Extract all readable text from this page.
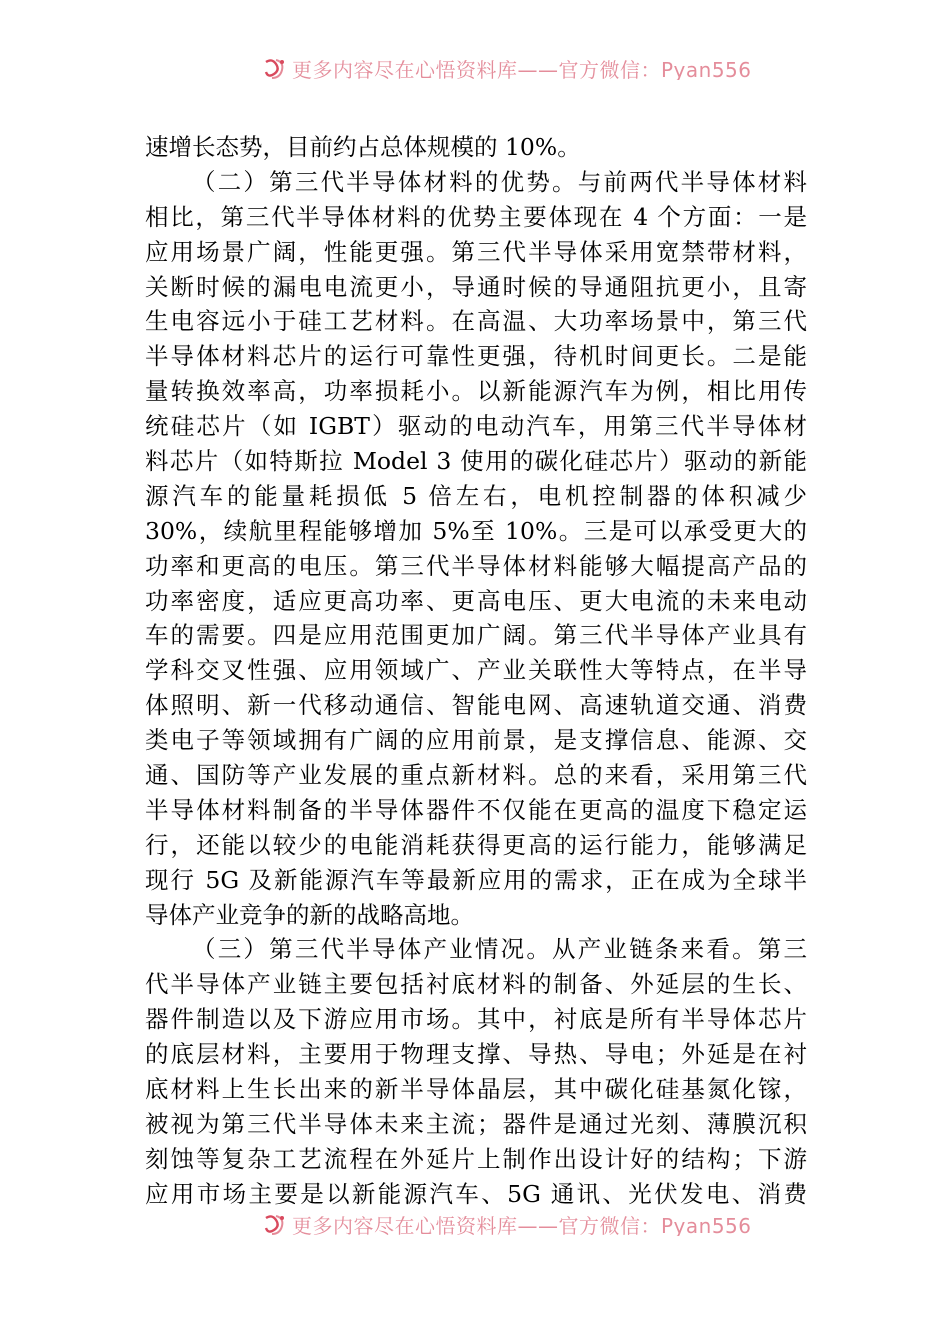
更多内容尽在心悟资料库——官方微信：Pyan556
速增长态势，目前约占总体规模的 10%。
（二）第三代半导体材料的优势。与前两代半导体材料
相比，第三代半导体材料的优势主要体现在 4 个方面：一是
应用场景广阔，性能更强。第三代半导体采用宽禁带材料，
关断时候的漏电电流更小，导通时候的导通阻抗更小，且寄
生电容远小于硅工艺材料。在高温、大功率场景中，第三代
半导体材料芯片的运行可靠性更强，待机时间更长。二是能
量转换效率高，功率损耗小。以新能源汽车为例，相比用传
统硅芯片（如 IGBT）驱动的电动汽车，用第三代半导体材
料芯片（如特斯拉 Model 3 使用的碳化硅芯片）驱动的新能
源汽车的能量耗损低 5 倍左右，电机控制器的体积减少
30%，续航里程能够增加 5%至 10%。三是可以承受更大的
功率和更高的电压。第三代半导体材料能够大幅提高产品的
功率密度，适应更高功率、更高电压、更大电流的未来电动
车的需要。四是应用范围更加广阔。第三代半导体产业具有
学科交叉性强、应用领域广、产业关联性大等特点，在半导
体照明、新一代移动通信、智能电网、高速轨道交通、消费
类电子等领域拥有广阔的应用前景，是支撑信息、能源、交
通、国防等产业发展的重点新材料。总的来看，采用第三代
半导体材料制备的半导体器件不仅能在更高的温度下稳定运
行，还能以较少的电能消耗获得更高的运行能力，能够满足
现行 5G 及新能源汽车等最新应用的需求，正在成为全球半
导体产业竞争的新的战略高地。
（三）第三代半导体产业情况。从产业链条来看。第三
代半导体产业链主要包括衬底材料的制备、外延层的生长、
器件制造以及下游应用市场。其中，衬底是所有半导体芯片
的底层材料，主要用于物理支撑、导热、导电；外延是在衬
底材料上生长出来的新半导体晶层，其中碳化硅基氮化镓，
被视为第三代半导体未来主流；器件是通过光刻、薄膜沉积
刻蚀等复杂工艺流程在外延片上制作出设计好的结构；下游
应用市场主要是以新能源汽车、5G 通讯、光伏发电、消费
更多内容尽在心悟资料库——官方微信：Pyan556
